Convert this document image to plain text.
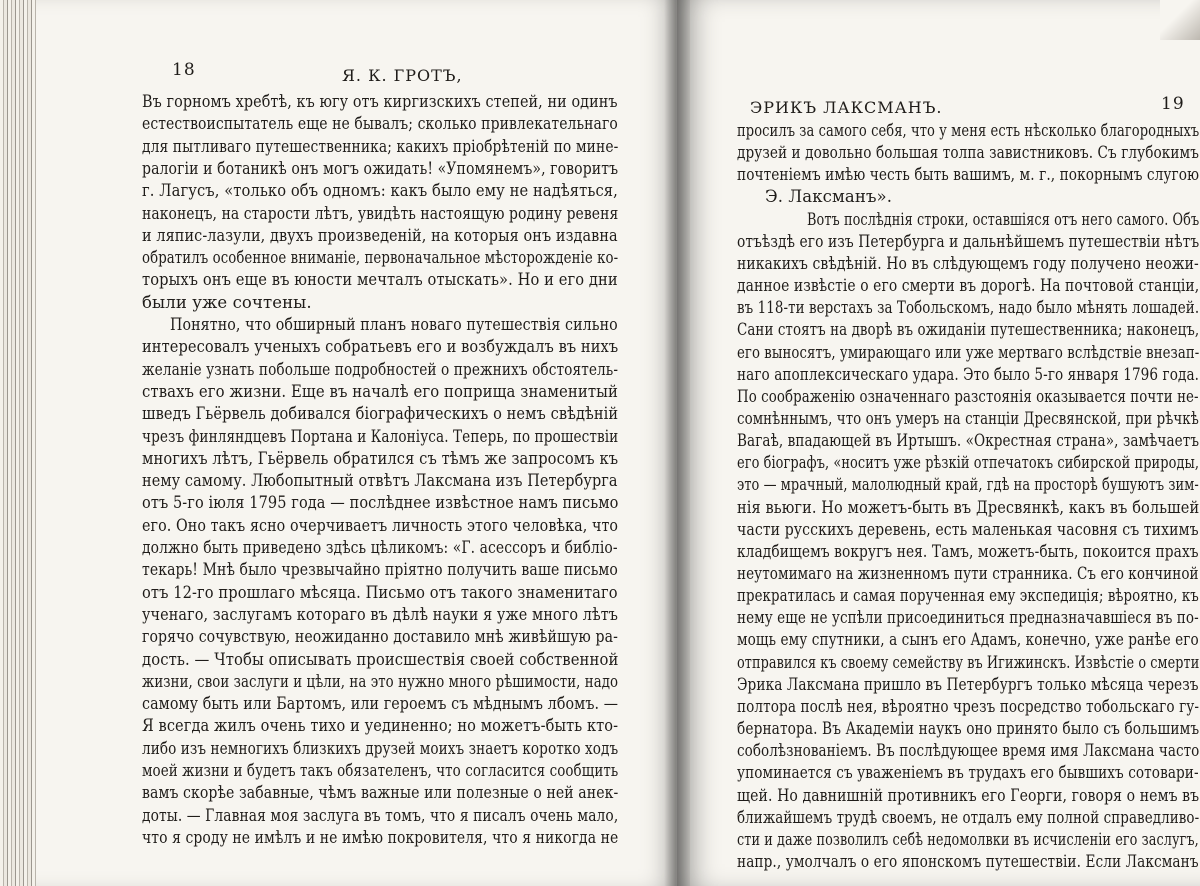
18	Я. К. ГРОТЪ,
Въ горномъ хребтѣ, къ югу отъ киргизскихъ степей, ни одинъ
естествоиспытатель еще не бывалъ; сколько привлекательнаго
для пытливаго путешественника; какихъ пріобрѣтеній по мине-
ралогіи и ботаникѣ онъ могъ ожидать! «Упомянемъ», говоритъ
г. Лагусъ, «только объ одномъ: какъ было ему не надѣяться,
наконецъ, на старости лѣтъ, увидѣть настоящую родину ревеня
и ляпис-лазули, двухъ произведеній, на которыя онъ издавна
обратилъ особенное вниманіе, первоначальное мѣсторожденіе ко-
торыхъ онъ еще въ юности мечталъ отыскать». Но и его дни
были уже сочтены.
Понятно, что обширный планъ новаго путешествія сильно
интересовалъ ученыхъ собратьевъ его и возбуждалъ въ нихъ
желаніе узнать побольше подробностей о прежнихъ обстоятель-
ствахъ его жизни. Еще въ началѣ его поприща знаменитый
шведъ Гьёрвель добивался біографическихъ о немъ свѣдѣній
чрезъ финляндцевъ Портана и Калоніуса. Теперь, по прошествіи
многихъ лѣтъ, Гьёрвель обратился съ тѣмъ же запросомъ къ
нему самому. Любопытный отвѣтъ Лаксмана изъ Петербурга
отъ 5-го іюля 1795 года — послѣднее извѣстное намъ письмо
его. Оно такъ ясно очерчиваетъ личность этого человѣка, что
должно быть приведено здѣсь цѣликомъ: «Г. асессоръ и библіо-
текарь! Мнѣ было чрезвычайно пріятно получить ваше письмо
отъ 12-го прошлаго мѣсяца. Письмо отъ такого знаменитаго
ученаго, заслугамъ котораго въ дѣлѣ науки я уже много лѣтъ
горячо сочувствую, неожиданно доставило мнѣ живѣйшую ра-
дость. — Чтобы описывать происшествія своей собственной
жизни, свои заслуги и цѣли, на это нужно много рѣшимости, надо
самому быть или Бартомъ, или героемъ съ мѣднымъ лбомъ. —
Я всегда жилъ очень тихо и уединенно; но можетъ-быть кто-
либо изъ немногихъ близкихъ друзей моихъ знаетъ коротко ходъ
моей жизни и будетъ такъ обязателенъ, что согласится сообщить
вамъ скорѣе забавные, чѣмъ важные или полезные о ней анек-
доты. — Главная моя заслуга въ томъ, что я писалъ очень мало,
что я сроду не имѣлъ и не имѣю покровителя, что я никогда не
ЭРИКЪ ЛАКСМАНЪ.	19
просилъ за самого себя, что у меня есть нѣсколько благородныхъ
друзей и довольно большая толпа завистниковъ. Съ глубокимъ
почтеніемъ имѣю честь быть вашимъ, м. г., покорнымъ слугою
Э. Лаксманъ».
Вотъ послѣднія строки, оставшіяся отъ него самого. Объ
отъѣздѣ его изъ Петербурга и дальнѣйшемъ путешествіи нѣтъ
никакихъ свѣдѣній. Но въ слѣдующемъ году получено неожи-
данное извѣстіе о его смерти въ дорогѣ. На почтовой станціи,
въ 118-ти верстахъ за Тобольскомъ, надо было мѣнять лошадей.
Сани стоятъ на дворѣ въ ожиданіи путешественника; наконецъ,
его выносятъ, умирающаго или уже мертваго вслѣдствіе внезап-
наго апоплексическаго удара. Это было 5-го января 1796 года.
По соображенію означеннаго разстоянія оказывается почти не-
сомнѣннымъ, что онъ умеръ на станціи Дресвянской, при рѣчкѣ
Вагаѣ, впадающей въ Иртышъ. «Окрестная страна», замѣчаетъ
его біографъ, «носитъ уже рѣзкій отпечатокъ сибирской природы,
это — мрачный, малолюдный край, гдѣ на просторѣ бушуютъ зим-
нія вьюги. Но можетъ-быть въ Дресвянкѣ, какъ въ большей
части русскихъ деревень, есть маленькая часовня съ тихимъ
кладбищемъ вокругъ нея. Тамъ, можетъ-быть, покоится прахъ
неутомимаго на жизненномъ пути странника. Съ его кончиной
прекратилась и самая порученная ему экспедиція; вѣроятно, къ
нему еще не успѣли присоединиться предназначавшіеся въ по-
мощь ему спутники, а сынъ его Адамъ, конечно, уже ранѣе его
отправился къ своему семейству въ Игижинскъ. Извѣстіе о смерти
Эрика Лаксмана пришло въ Петербургъ только мѣсяца черезъ
полтора послѣ нея, вѣроятно чрезъ посредство тобольскаго гу-
бернатора. Въ Академіи наукъ оно принято было съ большимъ
соболѣзнованіемъ. Въ послѣдующее время имя Лаксмана часто
упоминается съ уваженіемъ въ трудахъ его бывшихъ сотовари-
щей. Но давнишній противникъ его Георги, говоря о немъ въ
ближайшемъ трудѣ своемъ, не отдалъ ему полной справедливо-
сти и даже позволилъ себѣ недомолвки въ исчисленіи его заслугъ,
напр., умолчалъ о его японскомъ путешествіи. Если Лаксманъ
